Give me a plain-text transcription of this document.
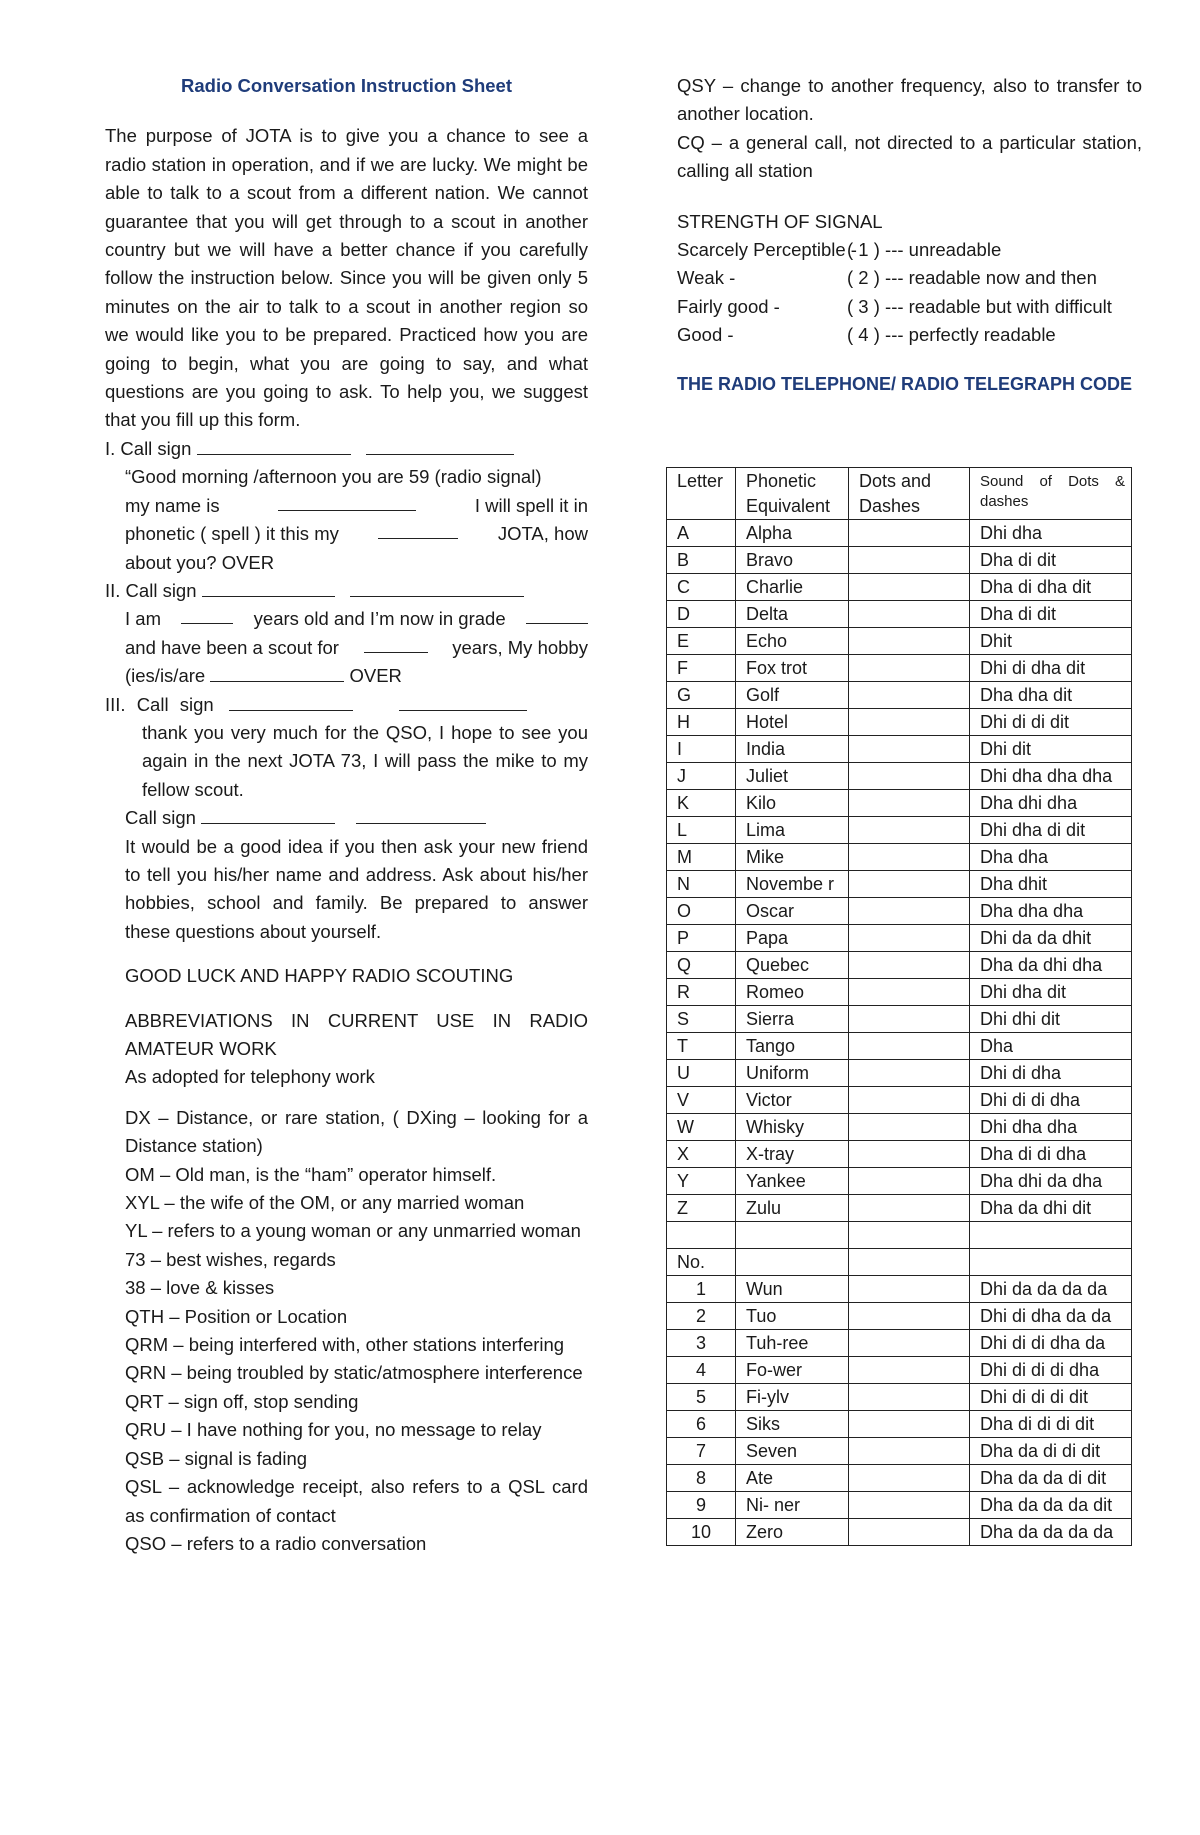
Radio Conversation Instruction Sheet

The purpose of JOTA is to give you a chance to see a radio station in operation, and if we are lucky. We might be able to talk to a scout from a different nation. We cannot guarantee that you will get through to a scout in another country but we will have a better chance if you carefully follow the instruction below. Since you will be given only 5 minutes on the air to talk to a scout in another region so we would like you to be prepared. Practiced how you are going to begin, what you are going to say, and what questions are you going to ask. To help you, we suggest that you fill up this form.

I. Call sign
“Good morning /afternoon you are 59 (radio signal)
my name is	I will spell it in
phonetic ( spell ) it this my	JOTA, how
about you? OVER
II. Call sign
I am	years old and I’m now in grade
and have been a scout for	years, My hobby
(ies/is/are	OVER
III. Call sign

thank you very much for the QSO, I hope to see you again in the next JOTA 73, I will pass the mike to my fellow scout.

Call sign

It would be a good idea if you then ask your new friend to tell you his/her name and address. Ask about his/her hobbies, school and family. Be prepared to answer these questions about yourself.

GOOD LUCK AND HAPPY RADIO SCOUTING

ABBREVIATIONS IN CURRENT USE IN RADIO AMATEUR WORK

As adopted for telephony work

DX – Distance, or rare station, ( DXing – looking for a Distance station)

OM – Old man, is the “ham” operator himself.

XYL – the wife of the OM, or any married woman

YL – refers to a young woman or any unmarried woman

73 – best wishes, regards

38 – love & kisses

QTH – Position or Location

QRM – being interfered with, other stations interfering

QRN – being troubled by static/atmosphere interference

QRT – sign off, stop sending

QRU – I have nothing for you, no message to relay

QSB – signal is fading

QSL – acknowledge receipt, also refers to a QSL card as confirmation of contact

QSO – refers to a radio conversation

QSY – change to another frequency, also to transfer to another location.

CQ – a general call, not directed to a particular station, calling all station

STRENGTH OF SIGNAL

Scarcely Perceptible -
( 1 ) --- unreadable
Weak -	( 2 ) --- readable now and then
Fairly good -	( 3 ) --- readable but with difficult
Good -	( 4 ) --- perfectly readable

THE RADIO TELEPHONE/ RADIO TELEGRAPH CODE

Letter	Phonetic Equivalent	Dots and Dashes	Sound of Dots & dashes
A	Alpha		Dhi dha
B	Bravo		Dha di dit
C	Charlie		Dha di dha dit
D	Delta		Dha di dit
E	Echo		Dhit
F	Fox trot		Dhi di dha dit
G	Golf		Dha dha dit
H	Hotel		Dhi di di dit
I	India		Dhi dit
J	Juliet		Dhi dha dha dha
K	Kilo		Dha dhi dha
L	Lima		Dhi dha di dit
M	Mike		Dha dha
N	Novembe r		Dha dhit
O	Oscar		Dha dha dha
P	Papa		Dhi da da dhit
Q	Quebec		Dha da dhi dha
R	Romeo		Dhi dha dit
S	Sierra		Dhi dhi dit
T	Tango		Dha
U	Uniform		Dhi di dha
V	Victor		Dhi di di dha
W	Whisky		Dhi dha dha
X	X-tray		Dha di di dha
Y	Yankee		Dha dhi da dha
Z	Zulu		Dha da dhi dit

No.			
1	Wun		Dhi da da da da
2	Tuo		Dhi di dha da da
3	Tuh-ree		Dhi di di dha da
4	Fo-wer		Dhi di di di dha
5	Fi-ylv		Dhi di di di dit
6	Siks		Dha di di di dit
7	Seven		Dha da di di dit
8	Ate		Dha da da di dit
9	Ni- ner		Dha da da da dit
10	Zero		Dha da da da da
